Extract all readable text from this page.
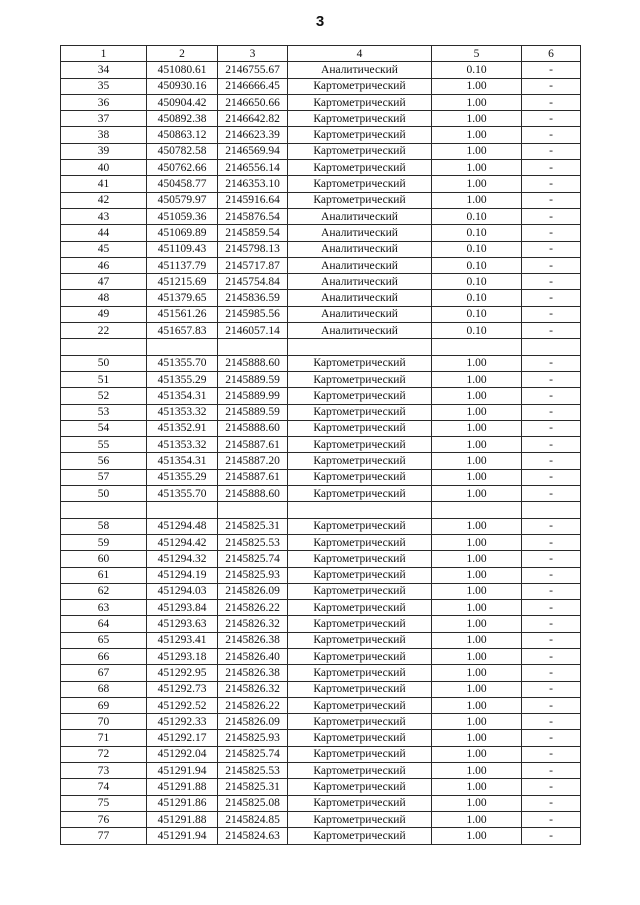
3
1	2	3	4	5	6
34	451080.61	2146755.67	Аналитический	0.10	-
35	450930.16	2146666.45	Картометрический	1.00	-
36	450904.42	2146650.66	Картометрический	1.00	-
37	450892.38	2146642.82	Картометрический	1.00	-
38	450863.12	2146623.39	Картометрический	1.00	-
39	450782.58	2146569.94	Картометрический	1.00	-
40	450762.66	2146556.14	Картометрический	1.00	-
41	450458.77	2146353.10	Картометрический	1.00	-
42	450579.97	2145916.64	Картометрический	1.00	-
43	451059.36	2145876.54	Аналитический	0.10	-
44	451069.89	2145859.54	Аналитический	0.10	-
45	451109.43	2145798.13	Аналитический	0.10	-
46	451137.79	2145717.87	Аналитический	0.10	-
47	451215.69	2145754.84	Аналитический	0.10	-
48	451379.65	2145836.59	Аналитический	0.10	-
49	451561.26	2145985.56	Аналитический	0.10	-
22	451657.83	2146057.14	Аналитический	0.10	-

50	451355.70	2145888.60	Картометрический	1.00	-
51	451355.29	2145889.59	Картометрический	1.00	-
52	451354.31	2145889.99	Картометрический	1.00	-
53	451353.32	2145889.59	Картометрический	1.00	-
54	451352.91	2145888.60	Картометрический	1.00	-
55	451353.32	2145887.61	Картометрический	1.00	-
56	451354.31	2145887.20	Картометрический	1.00	-
57	451355.29	2145887.61	Картометрический	1.00	-
50	451355.70	2145888.60	Картометрический	1.00	-

58	451294.48	2145825.31	Картометрический	1.00	-
59	451294.42	2145825.53	Картометрический	1.00	-
60	451294.32	2145825.74	Картометрический	1.00	-
61	451294.19	2145825.93	Картометрический	1.00	-
62	451294.03	2145826.09	Картометрический	1.00	-
63	451293.84	2145826.22	Картометрический	1.00	-
64	451293.63	2145826.32	Картометрический	1.00	-
65	451293.41	2145826.38	Картометрический	1.00	-
66	451293.18	2145826.40	Картометрический	1.00	-
67	451292.95	2145826.38	Картометрический	1.00	-
68	451292.73	2145826.32	Картометрический	1.00	-
69	451292.52	2145826.22	Картометрический	1.00	-
70	451292.33	2145826.09	Картометрический	1.00	-
71	451292.17	2145825.93	Картометрический	1.00	-
72	451292.04	2145825.74	Картометрический	1.00	-
73	451291.94	2145825.53	Картометрический	1.00	-
74	451291.88	2145825.31	Картометрический	1.00	-
75	451291.86	2145825.08	Картометрический	1.00	-
76	451291.88	2145824.85	Картометрический	1.00	-
77	451291.94	2145824.63	Картометрический	1.00	-
